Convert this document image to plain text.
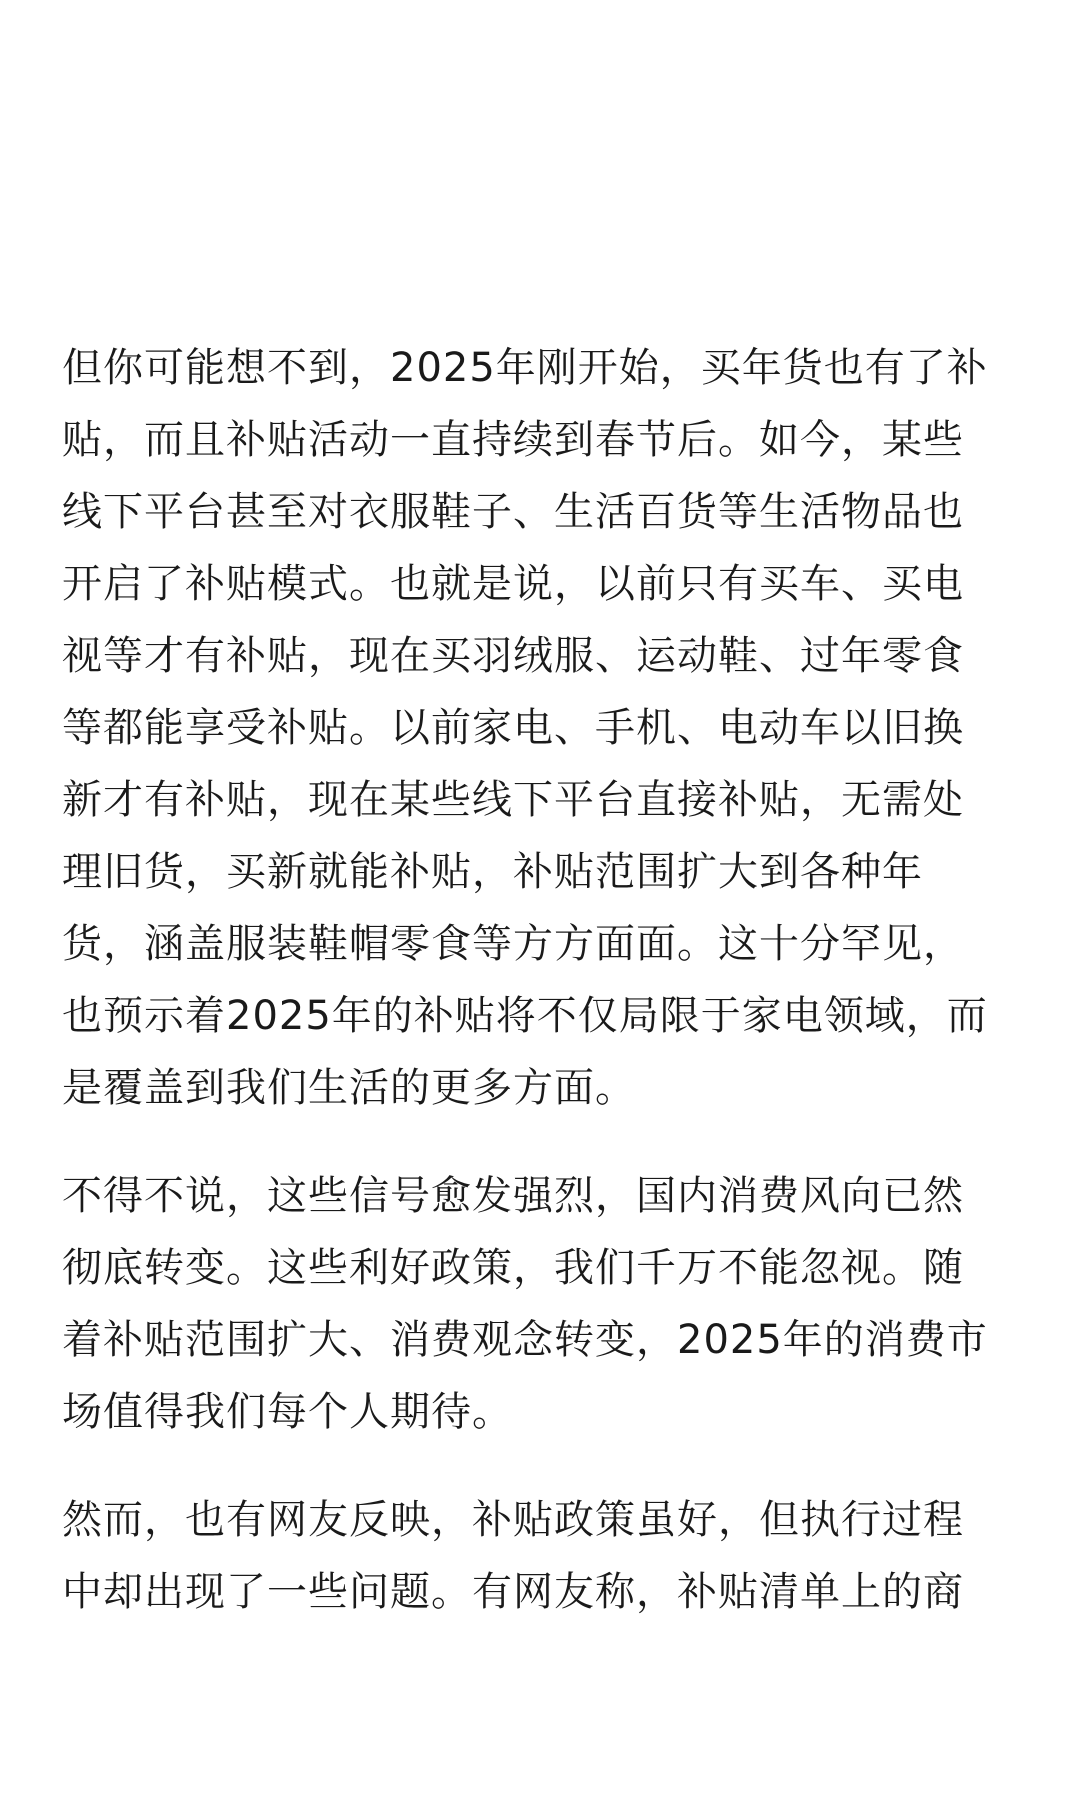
但你可能想不到，2025年刚开始，买年货也有了补
贴，而且补贴活动一直持续到春节后。如今，某些
线下平台甚至对衣服鞋子、生活百货等生活物品也
开启了补贴模式。也就是说，以前只有买车、买电
视等才有补贴，现在买羽绒服、运动鞋、过年零食
等都能享受补贴。以前家电、手机、电动车以旧换
新才有补贴，现在某些线下平台直接补贴，无需处
理旧货，买新就能补贴，补贴范围扩大到各种年
货，涵盖服装鞋帽零食等方方面面。这十分罕见，
也预示着2025年的补贴将不仅局限于家电领域，而
是覆盖到我们生活的更多方面。
不得不说，这些信号愈发强烈，国内消费风向已然
彻底转变。这些利好政策，我们千万不能忽视。随
着补贴范围扩大、消费观念转变，2025年的消费市
场值得我们每个人期待。
然而，也有网友反映，补贴政策虽好，但执行过程
中却出现了一些问题。有网友称，补贴清单上的商
